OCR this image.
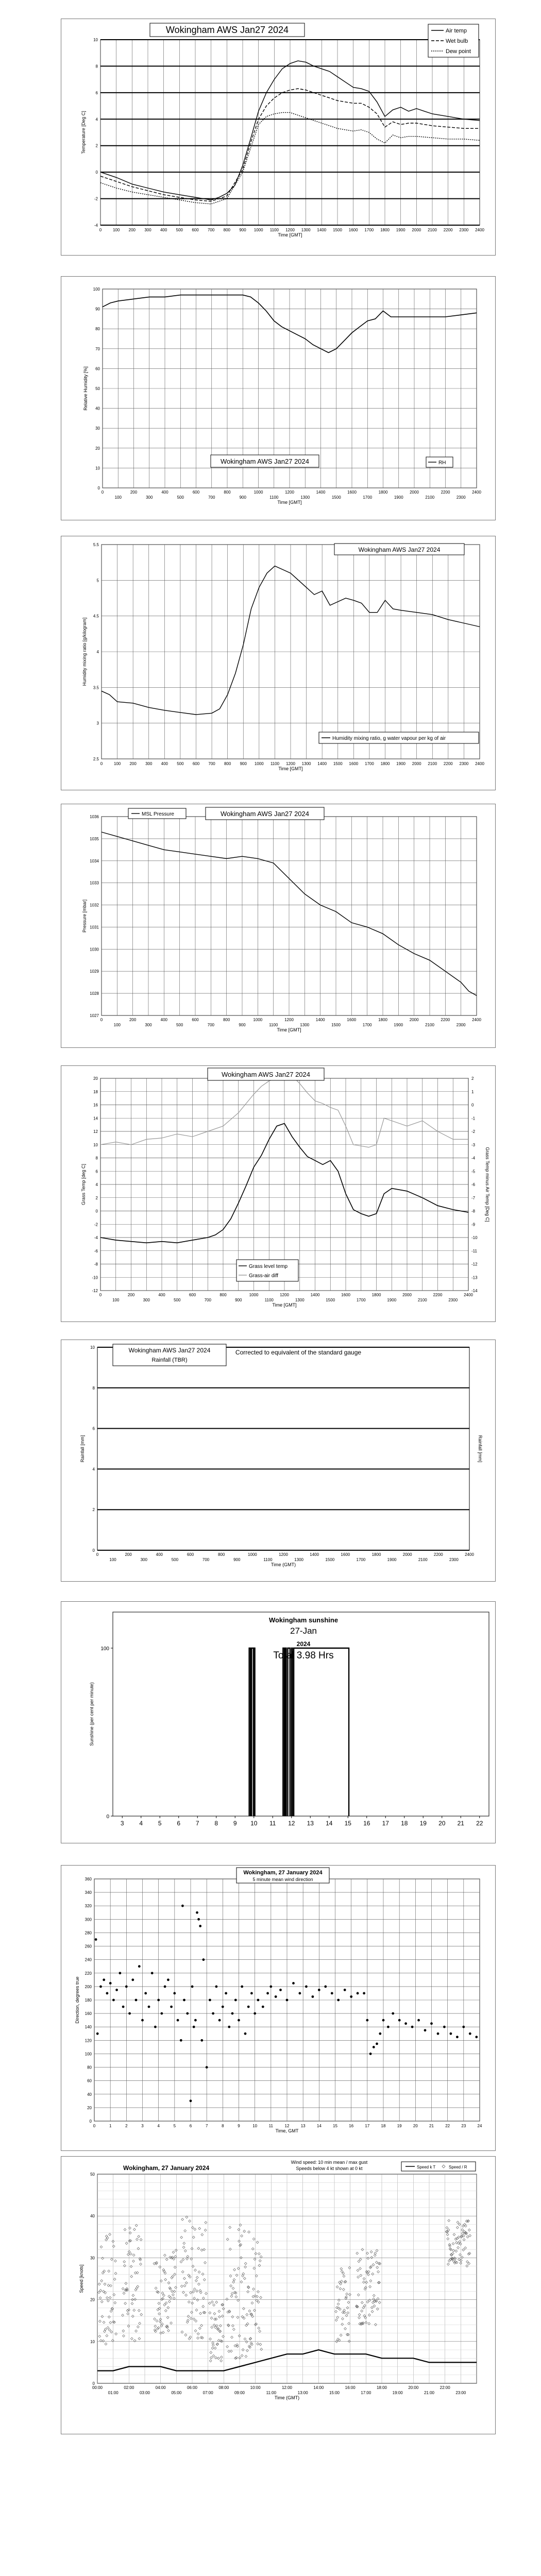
-4
-2
0
2
4
6
8
10
0	100 200 300 400 500 600 700 800 900 1000 1100 1200 1300 1400 1500 1600 1700 1800 1900 2000 2100 2200 2300 2400
Time [GMT]
Temperature [Deg C]
Wokingham AWS Jan27 2024	Air temp
Wet bulb
Dew point
0
10
20
30
40
50
60
70
80
90
100
0	200	400	600	800	1000	1200	1400	1600	1800	2000	2200	2400
100	300	500	700	900	1100	1300	1500	1700	1900	2100	2300
Time [GMT]
Relative Humidity [%]
Wokingham AWS Jan27 2024	RH
2.5
3
3.5
4
4.5
5
5.5
0	100 200 300 400 500 600 700 800 900 1000 1100 1200 1300 1400 1500 1600 1700 1800 1900 2000 2100 2200 2300 2400
Time [GMT]
Humidity mixing ratio [g/kilogram]
Wokingham AWS Jan27 2024
Humidity mixing ratio, g water vapour per kg of air
1027
1028
1029
1030
1031
1032
1033
1034
1035
1036
0	200	400	600	800	1000	1200	1400	1600	1800	2000	2200	2400
100	300	500	700	900	1100	1300	1500	1700	1900	2100	2300
Time [GMT]
Pressure [mbar]
MSL Pressure	Wokingham AWS Jan27 2024
-12
-10
-8
-6
-4
-2
0
2
4
6
8
10
12
14
16
18
20
0	200	400	600	800	1000	1200	1400	1600	1800	2000	2200	2400
100	300	500	700	900	1100	1300	1500	1700	1900	2100	2300
Time [GMT]
Grass Temp [deg C]
-14
-13
-12
-11
-10
-9
-8
-7
-6
-5
-4
-3
-2
-1
0
1
2
Grass Temp minus Air Temp [Deg C]
Wokingham AWS Jan27 2024
Grass level temp
Grass-air diff
0
2
4
6
8
10
0	200	400	600	800	1000	1200	1400	1600	1800	2000	2200	2400
100	300	500	700	900	1100	1300	1500	1700	1900	2100	2300
Time (GMT)
Rainfall [mm]	Rainfall [mm]
Wokingham AWS Jan27 2024
Rainfall (TBR)
Corrected to equivalent of the standard gauge
3 4 5 6 7 8 9 10 11 12 13 14 15 16 17 18 19 20 21 22
0
100
Sunshine (per cent per minute)
Wokingham sunshine
27-Jan
2024
Total 3.98 Hrs
0
20
40
60
80
100
120
140
160
180
200
220
240
260
280
300
320
340
360
0	1	2	3	4	5	6	7	8	9	10	11	12	13	14	15	16	17	18	19	20	21	22	23	24
Time, GMT
Direction, degrees true
Wokingham, 27 January 2024
5 minute mean wind direction
0
10
20
30
40
50
00:00	02:00	04:00	06:00	08:00	10:00	12:00	14:00	16:00	18:00	20:00	22:00
01:00	03:00	05:00	07:00	09:00	11:00	13:00	15:00	17:00	19:00	21:00	23:00
Time (GMT)
Speed [knots]
Wokingham, 27 January 2024
Wind speed: 10 min mean / max gust
Speeds below 4 kt shown at 0 kt	Speed k T	Speed / R
